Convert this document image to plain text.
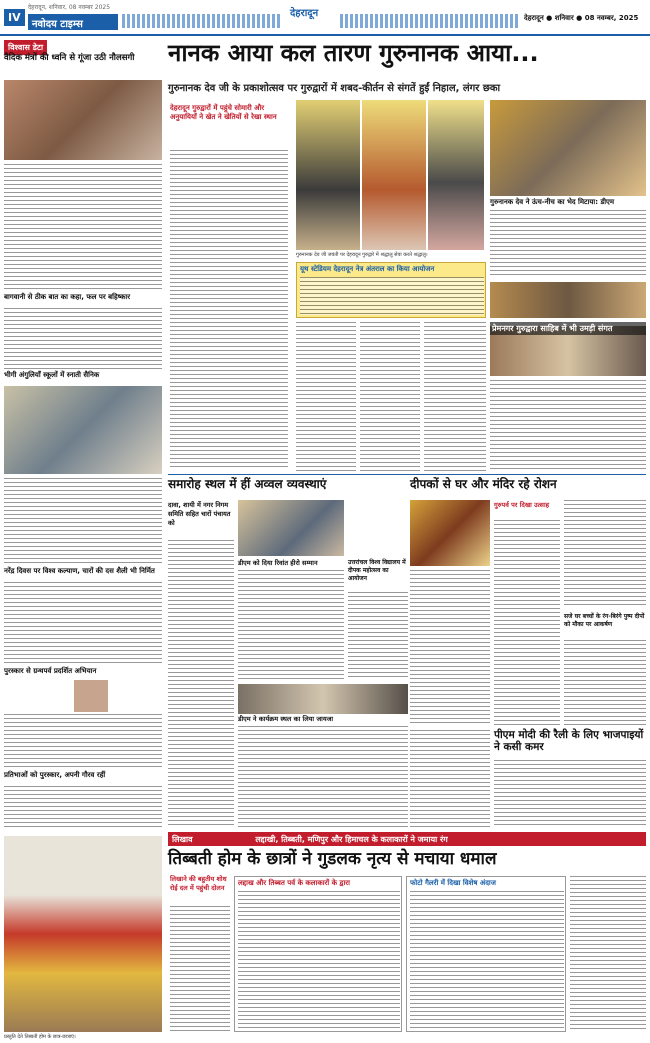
IV
देहरादून, शनिवार, 08 नवम्बर 2025
नवोदय टाइम्स
देहरादून	देहरादून ● शनिवार ● 08 नवम्बर, 2025
विश्वास डेटा
वैदिक मंत्रों की ध्वनि से गूंजा उठी नौलसगी
बागवानी से ठीक बात का कहा, फल पर बहिष्कार
भीगी अंगुलियाँ स्कूलों में स्नाती सैनिक
नरेंद्र दिवस पर विश्व कल्याण, चारों की दस शैली भी निर्मित
पुरस्कार से ग्रन्थपर्व प्रदर्शित अभियान
प्रतिभाओं को पुरस्कार, अपनी गौरव रहीं
प्रस्तुति देते तिब्बती होम के छात्र-छात्राएं।
नानक आया कल तारण गुरुनानक आया...
गुरुनानक देव जी के प्रकाशोत्सव पर गुरुद्वारों में शबद-कीर्तन से संगतें हुईं निहाल, लंगर छका
देहरादून गुरुद्वारों में पहुंचे सोमारी और अनुयायियों ने खेत ने खेतियों से रेखा स्थान
गुरुनानक देव जी जयंती पर देहरादून गुरुद्वारे में श्रद्धालु सेवा करते श्रद्धालु।
गुरुनानक देव ने ऊंच-नीच का भेद मिटाया: डीएम
यूथ स्टेडियम देहरादून नेत्र अंतराल का किया आयोजन
प्रेमनगर गुरुद्वारा साहिब में भी उमड़ी संगत
समारोह स्थल में हीं अव्वल व्यवस्थाएं	दीपकों से घर और मंदिर रहे रोशन
दावा, शायी में नगर निगम समिति सहित चारों पंचायत को
डीएम को दिया रिवांत हीरो सम्मान	उत्तरांचल विश्व विद्यालय में दीपक महोत्सव का आयोजन
डीएम ने कार्यक्रम स्थल का लिया जायजा
गुरुपर्व पर दिखा उत्साह
सजे घर बच्चों के रंग-बिरंगे पुष्प दीपों को मौका पर आकर्षण
पीएम मोदी की रैली के लिए भाजपाइयों ने कसी कमर
लिखाव	लद्दाखी, तिब्बती, मणिपुर और हिमाचल के कलाकारों ने जमाया रंग
तिब्बती होम के छात्रों ने गुडलक नृत्य से मचाया धमाल
लिखाने की बहुतीय शोध रोई दल में पहुंची दोलन
लद्दाख और तिब्बत पर्व के कलाकारों के द्वारा	फोटो गैलरी में दिखा विशेष अंदाज
